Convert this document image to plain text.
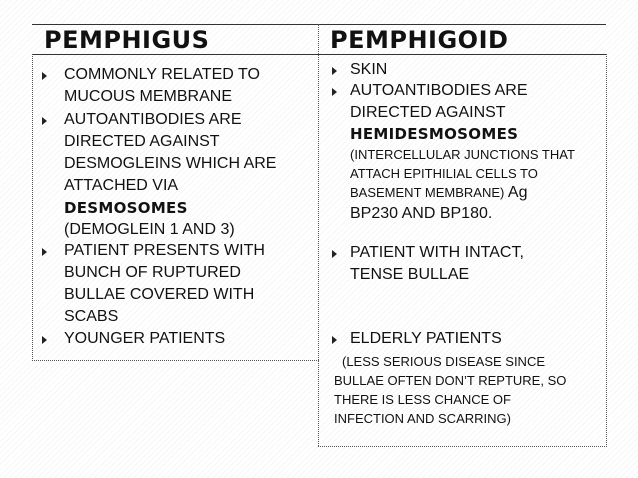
PEMPHIGUS	PEMPHIGOID
COMMONLY RELATED TO
MUCOUS MEMBRANE
AUTOANTIBODIES ARE
DIRECTED AGAINST
DESMOGLEINS WHICH ARE
ATTACHED VIA
DESMOSOMES
(DEMOGLEIN 1 AND 3)
PATIENT PRESENTS WITH
BUNCH OF RUPTURED
BULLAE COVERED WITH
SCABS
YOUNGER PATIENTS
SKIN
AUTOANTIBODIES ARE
DIRECTED AGAINST
HEMIDESMOSOMES
(INTERCELLULAR JUNCTIONS THAT
ATTACH EPITHILIAL CELLS TO
BASEMENT MEMBRANE) Ag
BP230 AND BP180.
PATIENT WITH INTACT,
TENSE BULLAE
ELDERLY PATIENTS
(LESS SERIOUS DISEASE SINCE
BULLAE OFTEN DON’T REPTURE, SO
THERE IS LESS CHANCE OF
INFECTION AND SCARRING)
